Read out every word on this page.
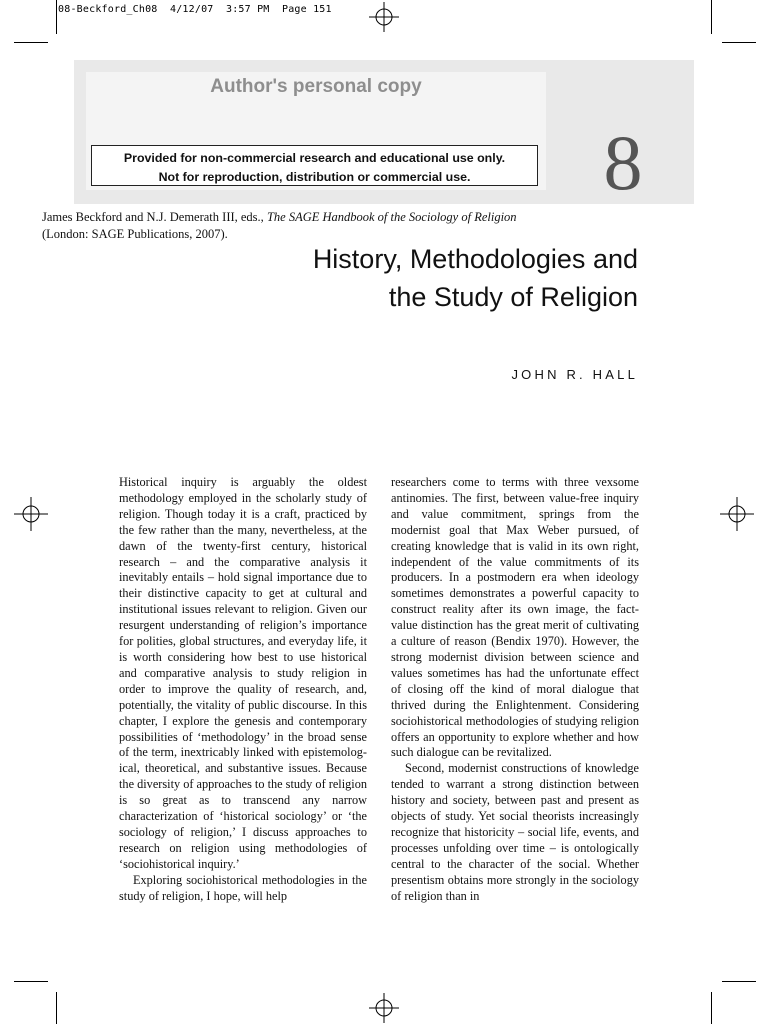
08-Beckford_Ch08 4/12/07 3:57 PM Page 151
Author's personal copy
Provided for non-commercial research and educational use only.
Not for reproduction, distribution or commercial use.	8
James Beckford and N.J. Demerath III, eds., The SAGE Handbook of the Sociology of Religion
(London: SAGE Publications, 2007).
History, Methodologies and
the Study of Religion
JOHN R. HALL

Historical inquiry is arguably the oldest methodology employed in the scholarly study of religion. Though today it is a craft, practiced by the few rather than the many, nevertheless, at the dawn of the twenty-first century, historical research – and the comparative analysis it inevitably entails – hold signal importance due to their distinctive capacity to get at cultural and institutional issues relevant to religion. Given our resurgent understanding of religion’s importance for polities, global structures, and everyday life, it is worth considering how best to use historical and comparative analysis to study religion in order to improve the quality of research, and, potentially, the vitality of public discourse. In this chapter, I explore the genesis and contemporary possibilities of ‘methodology’ in the broad sense of the term, inextricably linked with epistemological, theoretical, and substantive issues. Because the diversity of approaches to the study of religion is so great as to transcend any narrow characterization of ‘historical sociology’ or ‘the sociology of religion,’ I discuss approaches to research on religion using methodologies of ‘sociohistorical inquiry.’

Exploring sociohistorical methodologies in the study of religion, I hope, will help

researchers come to terms with three vexsome antinomies. The first, between value-free inquiry and value commitment, springs from the modernist goal that Max Weber pursued, of creating knowledge that is valid in its own right, independent of the value commitments of its producers. In a postmodern era when ideology sometimes demonstrates a powerful capacity to construct reality after its own image, the fact-value distinction has the great merit of cultivating a culture of reason (Bendix 1970). However, the strong modernist division between science and values sometimes has had the unfortunate effect of closing off the kind of moral dialogue that thrived during the Enlightenment. Considering sociohistorical methodologies of studying religion offers an opportunity to explore whether and how such dialogue can be revitalized.

Second, modernist constructions of knowledge tended to warrant a strong distinction between history and society, between past and present as objects of study. Yet social theorists increasingly recognize that historicity – social life, events, and processes unfolding over time – is ontologically central to the character of the social. Whether presentism obtains more strongly in the sociology of religion than in
